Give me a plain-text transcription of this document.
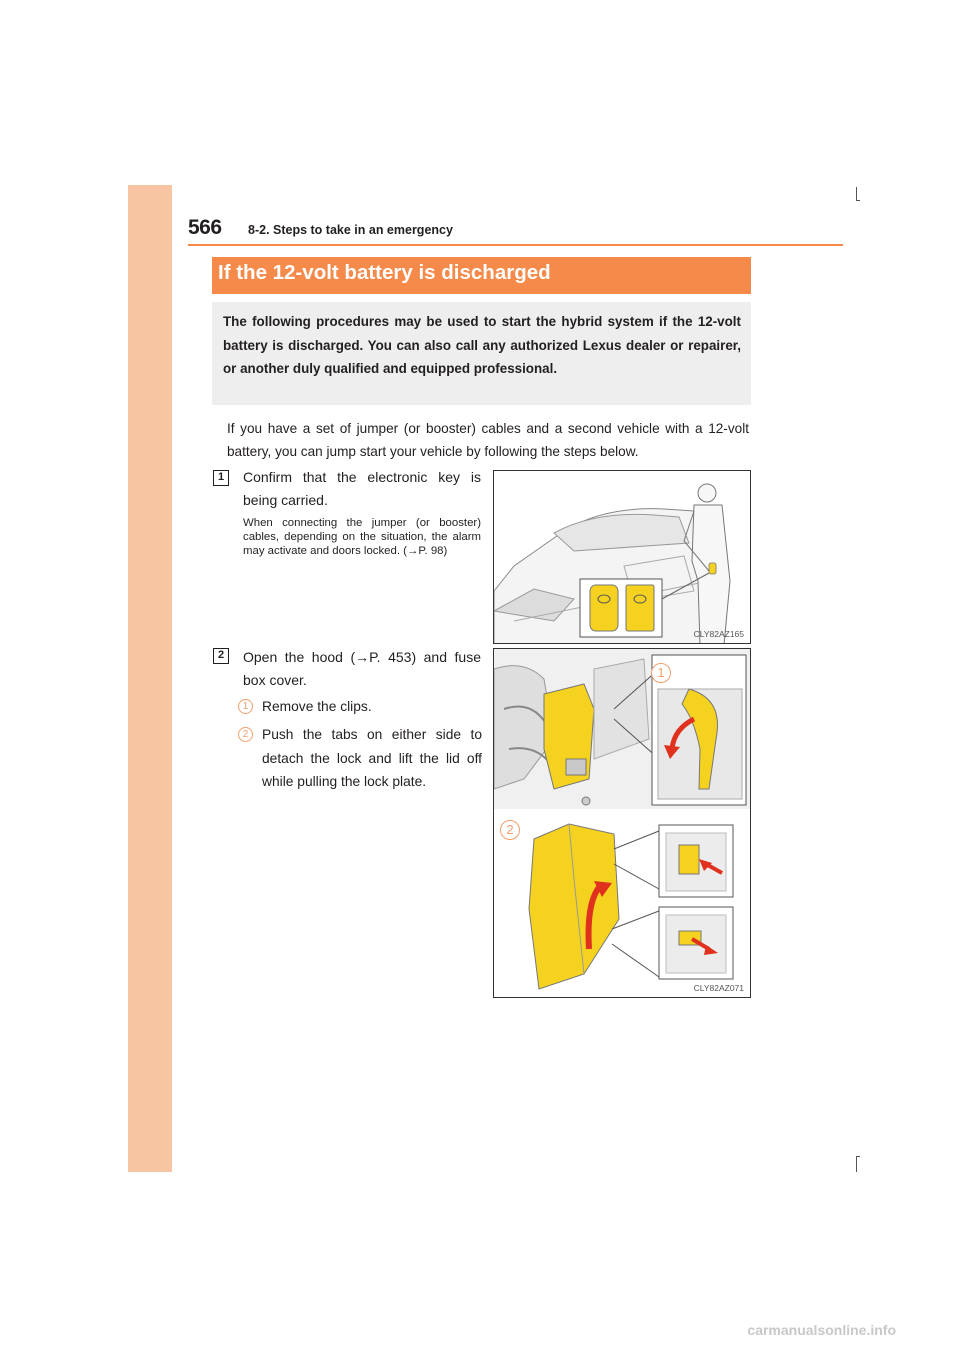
566 8-2. Steps to take in an emergency
If the 12-volt battery is discharged
The following procedures may be used to start the hybrid system if the 12-volt battery is discharged. You can also call any authorized Lexus dealer or repairer, or another duly qualified and equipped professional.
If you have a set of jumper (or booster) cables and a second vehicle with a 12-volt battery, you can jump start your vehicle by following the steps below.
1	Confirm that the electronic key is being carried.
When connecting the jumper (or booster) cables, depending on the situation, the alarm may activate and doors locked. (→P. 98)
CLY82AZ165
2	Open the hood (→P. 453) and fuse box cover.
1 Remove the clips.
2 Push the tabs on either side to detach the lock and lift the lid off while pulling the lock plate.
CLY82AZ071
1
2
carmanualsonline.info
